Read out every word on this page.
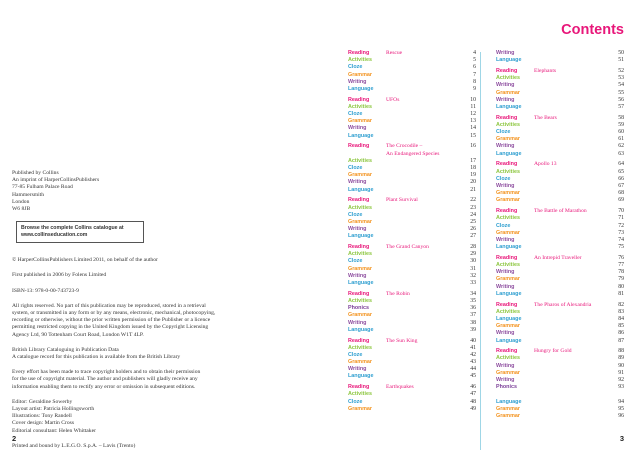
Published by Collins

An imprint of HarperCollinsPublishers

77-85 Fulham Palace Road

Hammersmith

London

W6 8JB

Browse the complete Collins catalogue at

www.collinseducation.com

© HarperCollinsPublishers Limited 2011, on behalf of the author

First published in 2006 by Folens Limited

ISBN-13: 978-0-00-743723-9

All rights reserved. No part of this publication may be reproduced, stored in a retrieval

system, or transmitted in any form or by any means, electronic, mechanical, photocopying,

recording or otherwise, without the prior written permission of the Publisher or a licence

permitting restricted copying in the United Kingdom issued by the Copyright Licensing

Agency Ltd, 90 Tottenham Court Road, London W1T 4LP.

British Library Cataloguing in Publication Data

A catalogue record for this publication is available from the British Library

Every effort has been made to trace copyright holders and to obtain their permission

for the use of copyright material. The author and publishers will gladly receive any

information enabling them to rectify any error or omission in subsequent editions.

Editor: Geraldine Sowerby

Layout artist: Patricia Hollingsworth

Illustrations: Tony Randell

Cover design: Martin Cross

Editorial consultant: Helen Whittaker

Printed and bound by L.E.G.O. S.p.A. – Lavis (Trento)

Contents
Reading	Rescue	4
Activities	5
Cloze	6
Grammar	7
Writing	8
Language	9
Reading	UFOs	10
Activities	11
Cloze	12
Grammar	13
Writing	14
Language	15
Reading	The Crocodile –	16
An Endangered Species
Activities	17
Cloze	18
Grammar	19
Writing	20
Language	21
Reading	Plant Survival	22
Activities	23
Cloze	24
Grammar	25
Writing	26
Language	27
Reading	The Grand Canyon	28
Activities	29
Cloze	30
Grammar	31
Writing	32
Language	33
Reading	The Robin	34
Activities	35
Phonics	36
Grammar	37
Writing	38
Language	39
Reading	The Sun King	40
Activities	41
Cloze	42
Grammar	43
Writing	44
Language	45
Reading	Earthquakes	46
Activities	47
Cloze	48
Grammar	49
Writing	50
Language	51
Reading	Elephants	52
Activities	53
Writing	54
Grammar	55
Writing	56
Language	57
Reading	The Bears	58
Activities	59
Cloze	60
Grammar	61
Writing	62
Language	63
Reading	Apollo 13	64
Activities	65
Cloze	66
Writing	67
Grammar	68
Grammar	69
Reading	The Battle of Marathon	70
Activities	71
Cloze	72
Grammar	73
Writing	74
Language	75
Reading	An Intrepid Traveller	76
Activities	77
Writing	78
Grammar	79
Writing	80
Language	81
Reading	The Pharos of Alexandria	82
Activities	83
Language	84
Grammar	85
Writing	86
Language	87
Reading	Hungry for Gold	88
Activities	89
Writing	90
Grammar	91
Writing	92
Phonics	93
Language	94
Grammar	95
Grammar	96
2	3
